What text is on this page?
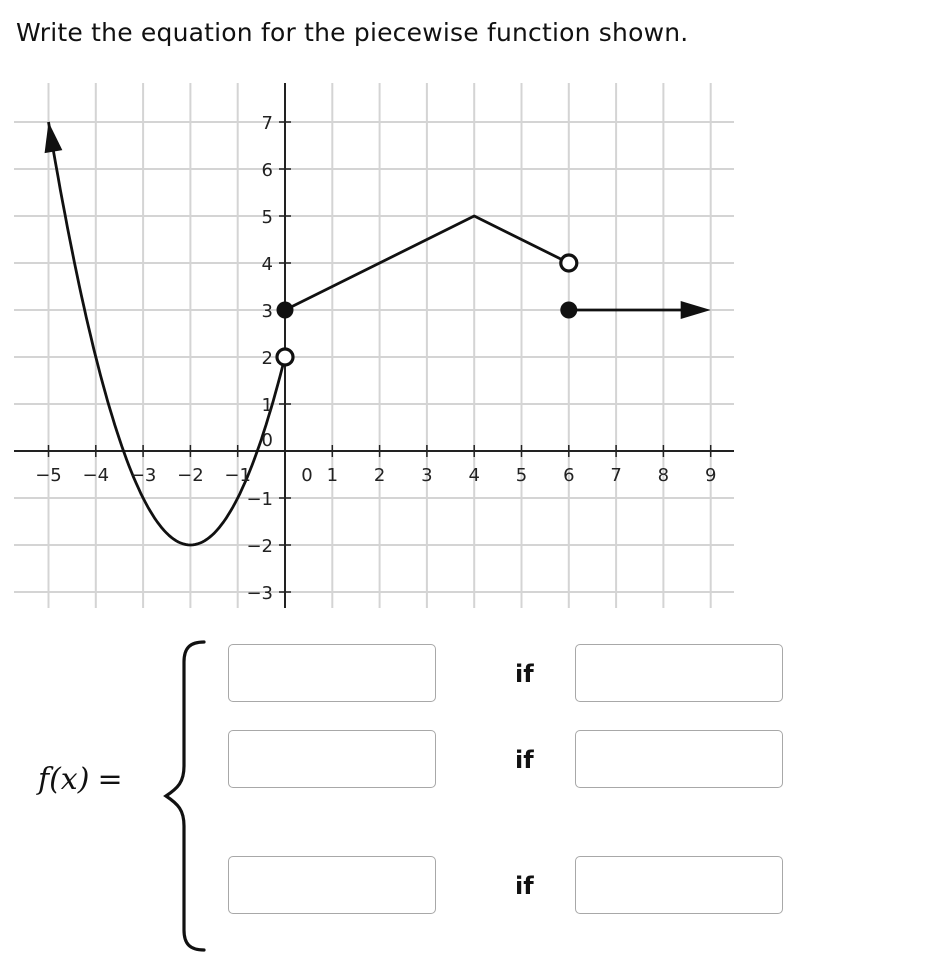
Write the equation for the piecewise function shown.
−5 −4 −3 −2 −1	1 2 3 4 5 6 7 8 9
0
−3
−2
−1
1
2
3
4
5
6
7
0
f(x) =
if
if
if
